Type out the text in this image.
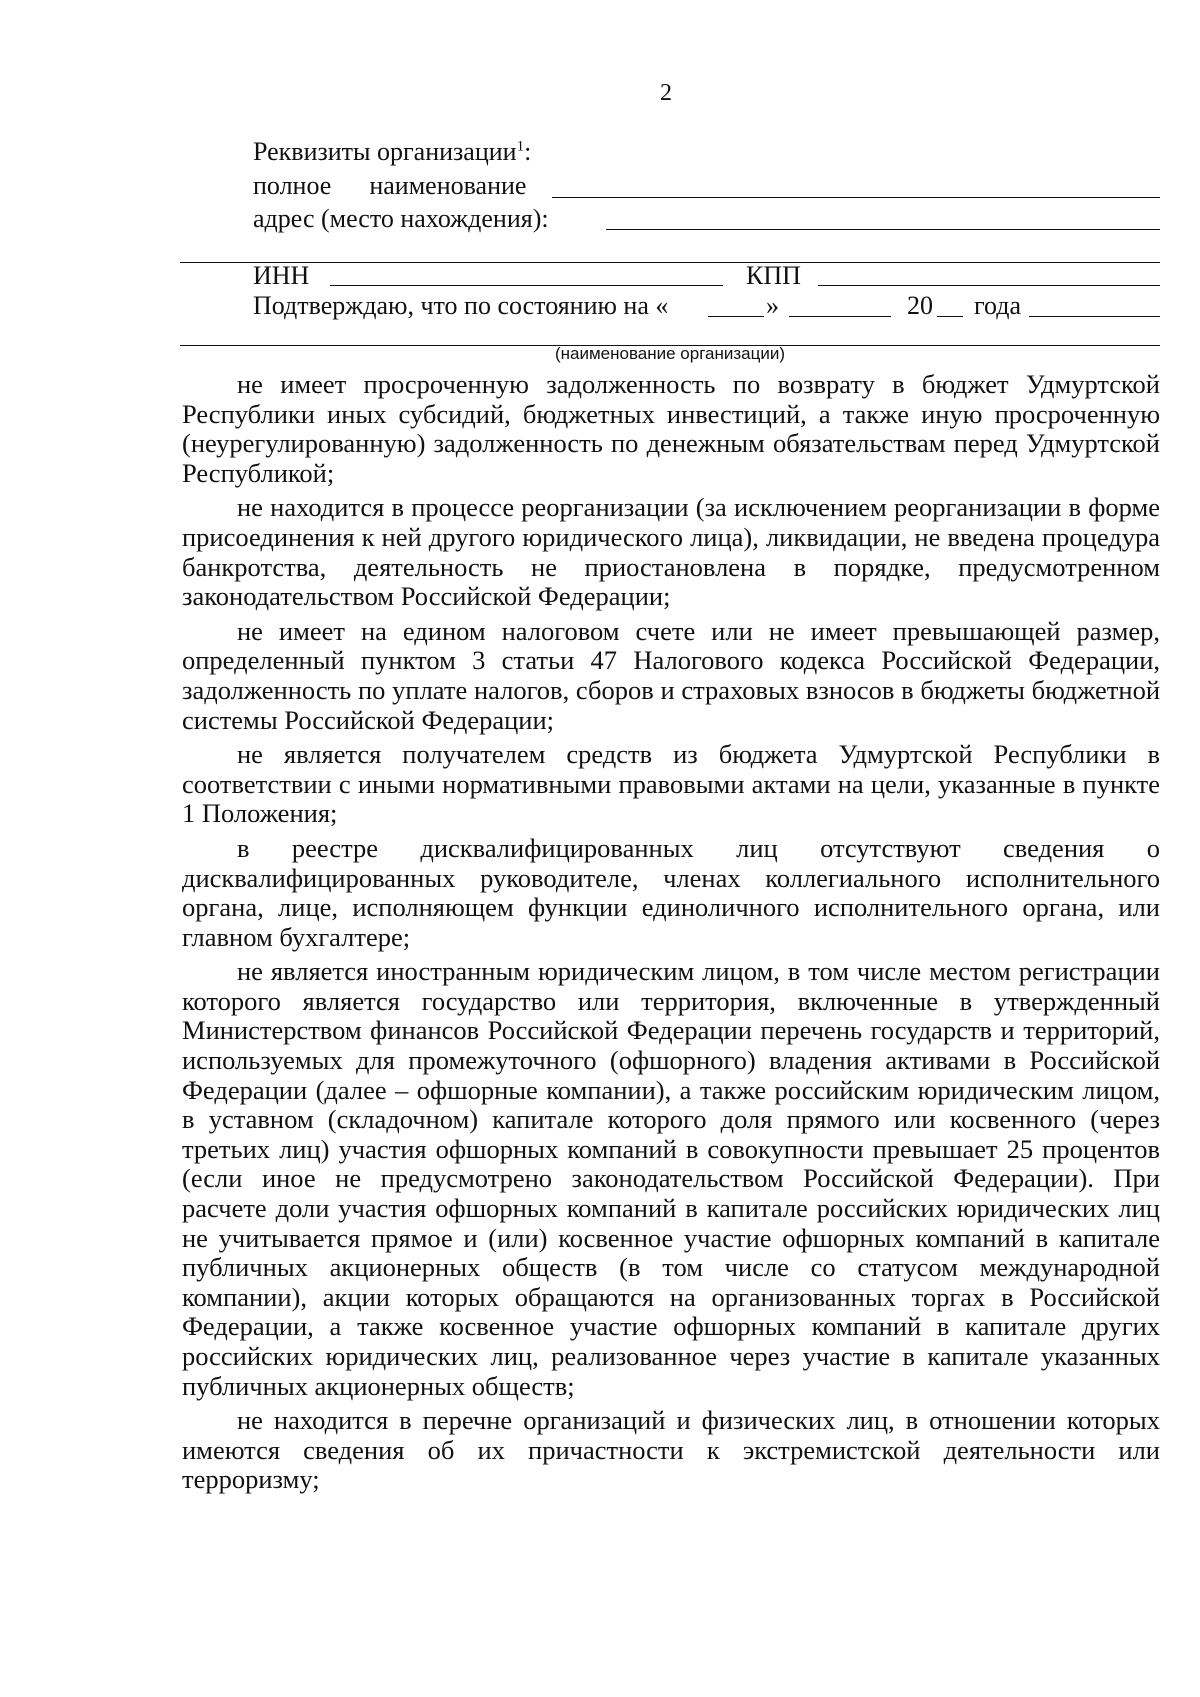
2
Реквизиты организации$^1$:
полное наименование
адрес (место нахождения):
ИНН	КПП
Подтверждаю, что по состоянию на «	»	20 года
(наименование организации)

не имеет просроченную задолженность по возврату в бюджет Удмуртской Республики иных субсидий, бюджетных инвестиций, а также иную просроченную (неурегулированную) задолженность по денежным обязательствам перед Удмуртской Республикой;

не находится в процессе реорганизации (за исключением реорганизации в форме присоединения к ней другого юридического лица), ликвидации, не введена процедура банкротства, деятельность не приостановлена в порядке, предусмотренном законодательством Российской Федерации;

не имеет на едином налоговом счете или не имеет превышающей размер, определенный пунктом 3 статьи 47 Налогового кодекса Российской Федерации, задолженность по уплате налогов, сборов и страховых взносов в бюджеты бюджетной системы Российской Федерации;

не является получателем средств из бюджета Удмуртской Республики в соответствии с иными нормативными правовыми актами на цели, указанные в пункте 1 Положения;

в реестре дисквалифицированных лиц отсутствуют сведения о дисквалифицированных руководителе, членах коллегиального исполнительного органа, лице, исполняющем функции единоличного исполнительного органа, или главном бухгалтере;

не является иностранным юридическим лицом, в том числе местом регистрации которого является государство или территория, включенные в утвержденный Министерством финансов Российской Федерации перечень государств и территорий, используемых для промежуточного (офшорного) владения активами в Российской Федерации (далее – офшорные компании), а также российским юридическим лицом, в уставном (складочном) капитале которого доля прямого или косвенного (через третьих лиц) участия офшорных компаний в совокупности превышает 25 процентов (если иное не предусмотрено законодательством Российской Федерации). При расчете доли участия офшорных компаний в капитале российских юридических лиц не учитывается прямое и (или) косвенное участие офшорных компаний в капитале публичных акционерных обществ (в том числе со статусом международной компании), акции которых обращаются на организованных торгах в Российской Федерации, а также косвенное участие офшорных компаний в капитале других российских юридических лиц, реализованное через участие в капитале указанных публичных акционерных обществ;

не находится в перечне организаций и физических лиц, в отношении которых имеются сведения об их причастности к экстремистской деятельности или терроризму;
